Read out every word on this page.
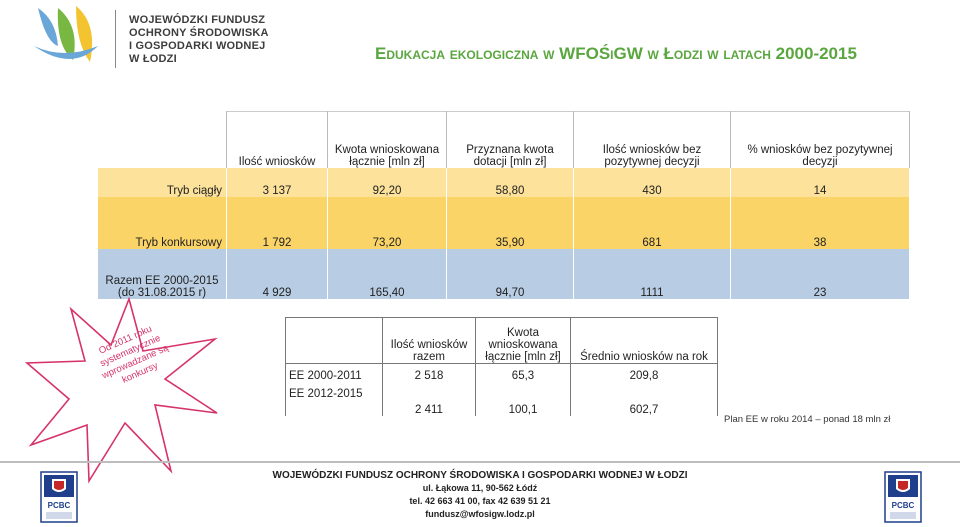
WOJEWÓDZKI FUNDUSZ
OCHRONY ŚRODOWISKA
I GOSPODARKI WODNEJ
W ŁODZI	Edukacja ekologiczna w WFOŚiGW w Łodzi w latach 2000-2015
	Ilość wniosków	Kwota wnioskowana łącznie [mln zł]	Przyznana kwota dotacji [mln zł]	Ilość wniosków bez pozytywnej decyzji	% wniosków bez pozytywnej decyzji
Tryb ciągły	3 137	92,20	58,80	430	14
Tryb konkursowy	1 792	73,20	35,90	681	38
Razem EE 2000-2015 (do 31.08.2015 r)	4 929	165,40	94,70	1111	23
Od 2011 roku systematycznie wprowadzane są konkursy
	Ilość wniosków razem	Kwota wnioskowana łącznie [mln zł]	Średnio wniosków na rok
EE 2000-2011	2 518	65,3	209,8
EE 2012-2015	2 411	100,1	602,7
Plan EE w roku 2014 – ponad 18 mln zł
PCBC	PCBC
WOJEWÓDZKI FUNDUSZ OCHRONY ŚRODOWISKA I GOSPODARKI WODNEJ W ŁODZI
ul. Łąkowa 11, 90-562 Łódź
tel. 42 663 41 00, fax 42 639 51 21
fundusz@wfosigw.lodz.pl
